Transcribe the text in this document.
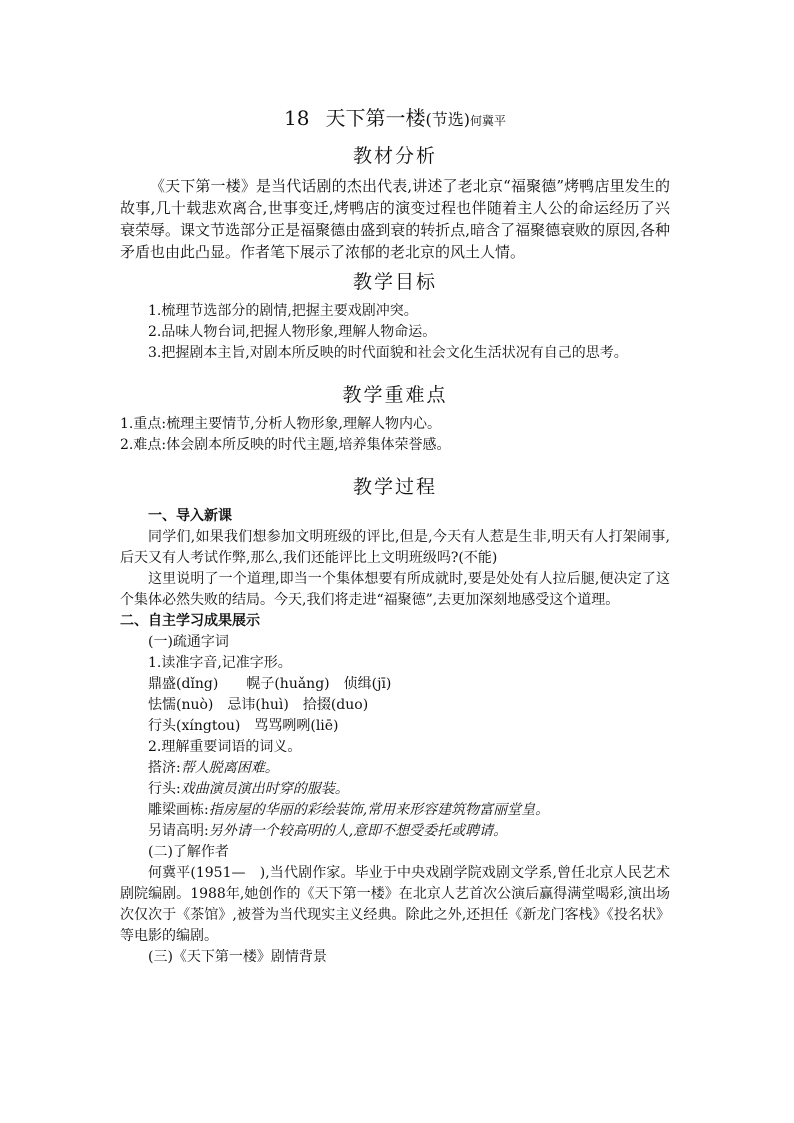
18 天下第一楼(节选)何冀平
教材分析

《天下第一楼》是当代话剧的杰出代表,讲述了老北京“福聚德”烤鸭店里发生的故事,几十载悲欢离合,世事变迁,烤鸭店的演变过程也伴随着主人公的命运经历了兴衰荣辱。课文节选部分正是福聚德由盛到衰的转折点,暗含了福聚德衰败的原因,各种矛盾也由此凸显。作者笔下展示了浓郁的老北京的风土人情。

教学目标

1.梳理节选部分的剧情,把握主要戏剧冲突。

2.品味人物台词,把握人物形象,理解人物命运。

3.把握剧本主旨,对剧本所反映的时代面貌和社会文化生活状况有自己的思考。

教学重难点

1.重点:梳理主要情节,分析人物形象,理解人物内心。

2.难点:体会剧本所反映的时代主题,培养集体荣誉感。

教学过程

一、导入新课

同学们,如果我们想参加文明班级的评比,但是,今天有人惹是生非,明天有人打架闹事,后天又有人考试作弊,那么,我们还能评比上文明班级吗?(不能)

这里说明了一个道理,即当一个集体想要有所成就时,要是处处有人拉后腿,便决定了这个集体必然失败的结局。今天,我们将走进“福聚德”,去更加深刻地感受这个道理。

二、自主学习成果展示

(一)疏通字词

1.读准字音,记准字形。

鼎盛(dǐng) 幌子(huǎng) 侦缉(jī)

怯懦(nuò) 忌讳(huì) 拾掇(duo)

行头(xíngtou) 骂骂咧咧(liē)

2.理解重要词语的词义。

搭济:帮人脱离困难。

行头:戏曲演员演出时穿的服装。

雕梁画栋:指房屋的华丽的彩绘装饰,常用来形容建筑物富丽堂皇。

另请高明:另外请一个较高明的人,意即不想受委托或聘请。

(二)了解作者

何冀平(1951—　),当代剧作家。毕业于中央戏剧学院戏剧文学系,曾任北京人民艺术剧院编剧。1988年,她创作的《天下第一楼》在北京人艺首次公演后赢得满堂喝彩,演出场次仅次于《茶馆》,被誉为当代现实主义经典。除此之外,还担任《新龙门客栈》《投名状》等电影的编剧。

(三)《天下第一楼》剧情背景
